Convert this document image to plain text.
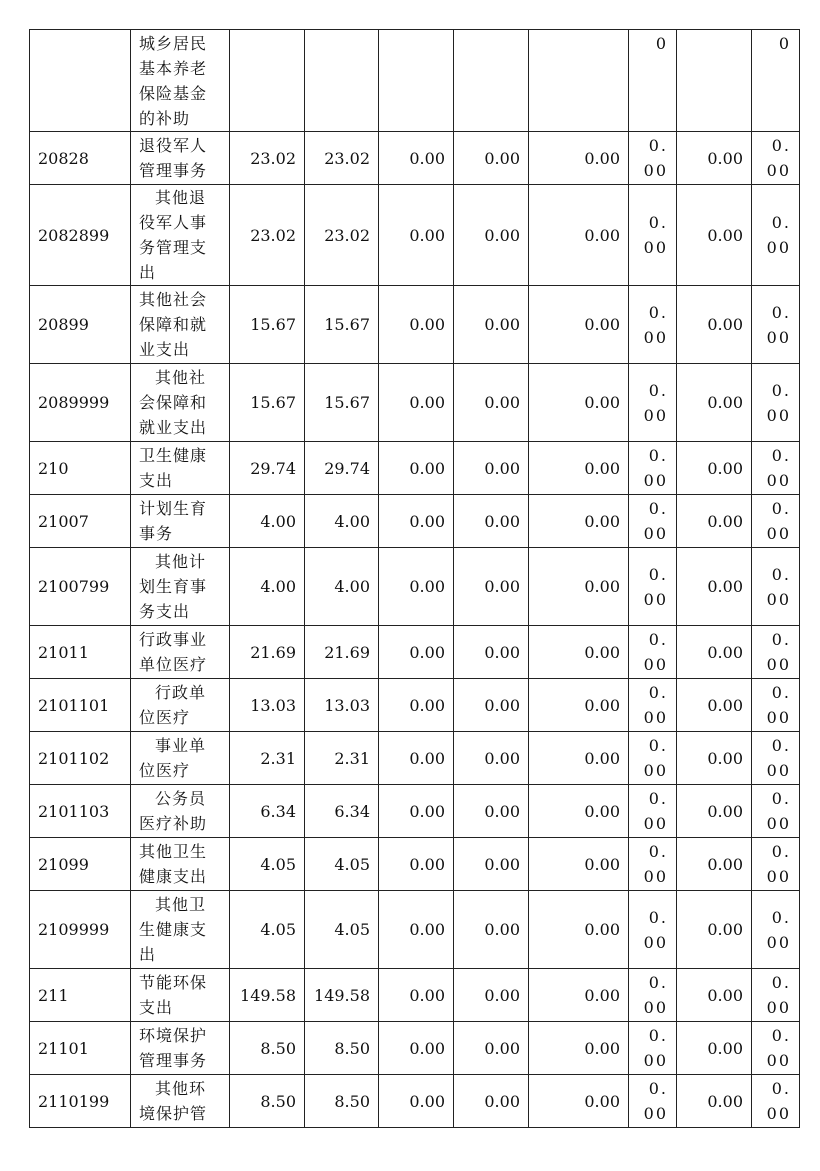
	城乡居民基本养老保险基金的补助						0		0
20828	退役军人管理事务	23.02	23.02	0.00	0.00	0.00	0.00	0.00	0.00
2082899	其他退役军人事务管理支出	23.02	23.02	0.00	0.00	0.00	0.00	0.00	0.00
20899	其他社会保障和就业支出	15.67	15.67	0.00	0.00	0.00	0.00	0.00	0.00
2089999	其他社会保障和就业支出	15.67	15.67	0.00	0.00	0.00	0.00	0.00	0.00
210	卫生健康支出	29.74	29.74	0.00	0.00	0.00	0.00	0.00	0.00
21007	计划生育事务	4.00	4.00	0.00	0.00	0.00	0.00	0.00	0.00
2100799	其他计划生育事务支出	4.00	4.00	0.00	0.00	0.00	0.00	0.00	0.00
21011	行政事业单位医疗	21.69	21.69	0.00	0.00	0.00	0.00	0.00	0.00
2101101	行政单位医疗	13.03	13.03	0.00	0.00	0.00	0.00	0.00	0.00
2101102	事业单位医疗	2.31	2.31	0.00	0.00	0.00	0.00	0.00	0.00
2101103	公务员医疗补助	6.34	6.34	0.00	0.00	0.00	0.00	0.00	0.00
21099	其他卫生健康支出	4.05	4.05	0.00	0.00	0.00	0.00	0.00	0.00
2109999	其他卫生健康支出	4.05	4.05	0.00	0.00	0.00	0.00	0.00	0.00
211	节能环保支出	149.58	149.58	0.00	0.00	0.00	0.00	0.00	0.00
21101	环境保护管理事务	8.50	8.50	0.00	0.00	0.00	0.00	0.00	0.00
2110199	其他环境保护管	8.50	8.50	0.00	0.00	0.00	0.00	0.00	0.00
